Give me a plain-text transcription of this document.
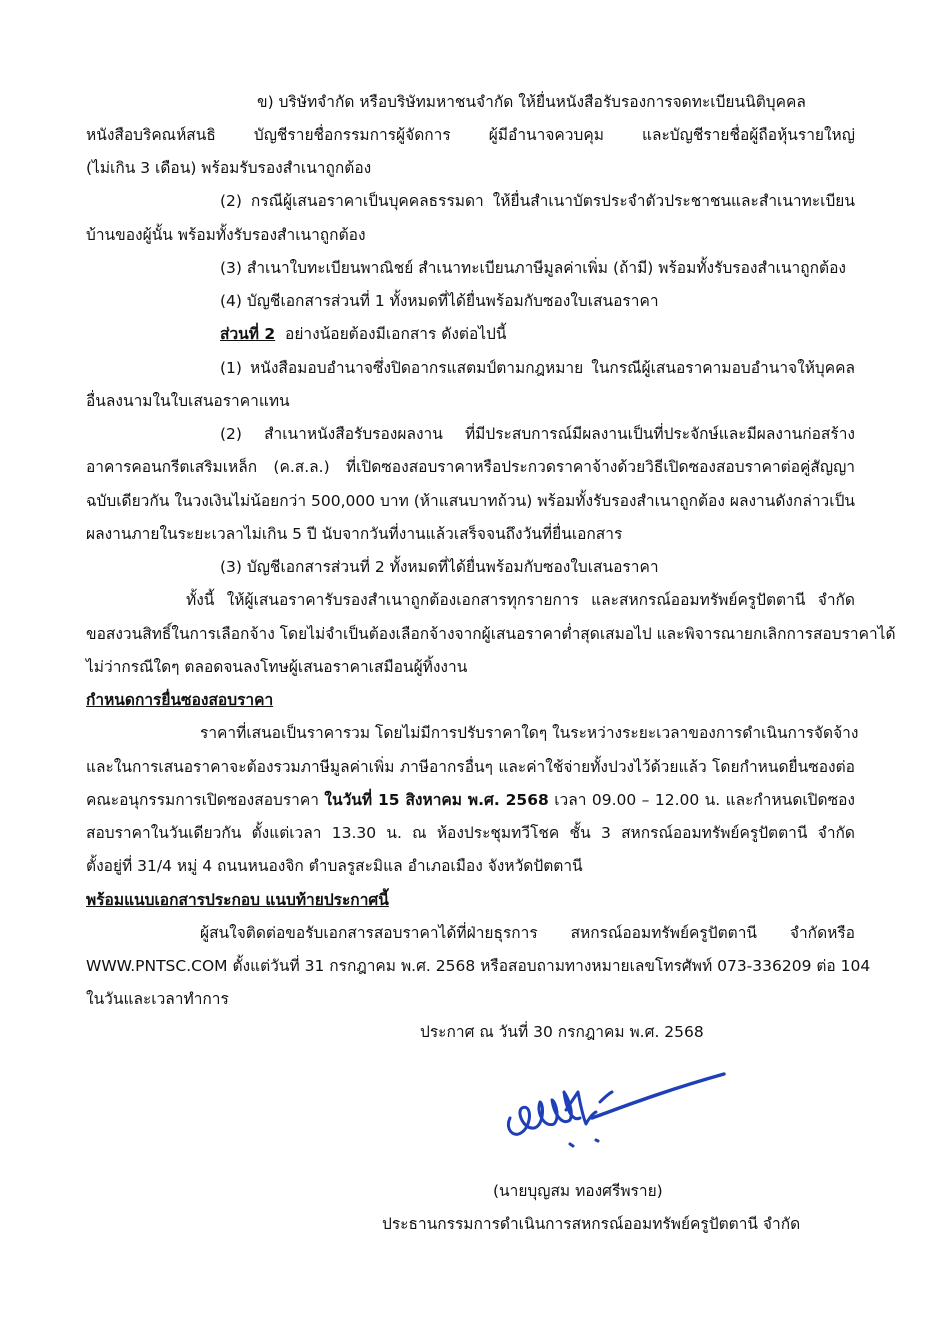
ข) บริษัทจำกัด หรือบริษัทมหาชนจำกัด ให้ยื่นหนังสือรับรองการจดทะเบียนนิติบุคคล
หนังสือบริคณห์สนธิ บัญชีรายชื่อกรรมการผู้จัดการ ผู้มีอำนาจควบคุม และบัญชีรายชื่อผู้ถือหุ้นรายใหญ่
(ไม่เกิน 3 เดือน) พร้อมรับรองสำเนาถูกต้อง
(2) กรณีผู้เสนอราคาเป็นบุคคลธรรมดา ให้ยื่นสำเนาบัตรประจำตัวประชาชนและสำเนาทะเบียน
บ้านของผู้นั้น พร้อมทั้งรับรองสำเนาถูกต้อง
(3) สำเนาใบทะเบียนพาณิชย์ สำเนาทะเบียนภาษีมูลค่าเพิ่ม (ถ้ามี) พร้อมทั้งรับรองสำเนาถูกต้อง
(4) บัญชีเอกสารส่วนที่ 1 ทั้งหมดที่ได้ยื่นพร้อมกับซองใบเสนอราคา
ส่วนที่ 2 อย่างน้อยต้องมีเอกสาร ดังต่อไปนี้
(1) หนังสือมอบอำนาจซึ่งปิดอากรแสตมป์ตามกฎหมาย ในกรณีผู้เสนอราคามอบอำนาจให้บุคคล
อื่นลงนามในใบเสนอราคาแทน
(2) สำเนาหนังสือรับรองผลงาน ที่มีประสบการณ์มีผลงานเป็นที่ประจักษ์และมีผลงานก่อสร้าง
อาคารคอนกรีตเสริมเหล็ก (ค.ส.ล.) ที่เปิดซองสอบราคาหรือประกวดราคาจ้างด้วยวิธีเปิดซองสอบราคาต่อคู่สัญญา
ฉบับเดียวกัน ในวงเงินไม่น้อยกว่า 500,000 บาท (ห้าแสนบาทถ้วน) พร้อมทั้งรับรองสำเนาถูกต้อง ผลงานดังกล่าวเป็น
ผลงานภายในระยะเวลาไม่เกิน 5 ปี นับจากวันที่งานแล้วเสร็จจนถึงวันที่ยื่นเอกสาร
(3) บัญชีเอกสารส่วนที่ 2 ทั้งหมดที่ได้ยื่นพร้อมกับซองใบเสนอราคา
ทั้งนี้ ให้ผู้เสนอราคารับรองสำเนาถูกต้องเอกสารทุกรายการ และสหกรณ์ออมทรัพย์ครูปัตตานี จำกัด
ขอสงวนสิทธิ์ในการเลือกจ้าง โดยไม่จำเป็นต้องเลือกจ้างจากผู้เสนอราคาต่ำสุดเสมอไป และพิจารณายกเลิกการสอบราคาได้
ไม่ว่ากรณีใดๆ ตลอดจนลงโทษผู้เสนอราคาเสมือนผู้ทิ้งงาน
กำหนดการยื่นซองสอบราคา
ราคาที่เสนอเป็นราคารวม โดยไม่มีการปรับราคาใดๆ ในระหว่างระยะเวลาของการดำเนินการจัดจ้าง
และในการเสนอราคาจะต้องรวมภาษีมูลค่าเพิ่ม ภาษีอากรอื่นๆ และค่าใช้จ่ายทั้งปวงไว้ด้วยแล้ว โดยกำหนดยื่นซองต่อ
คณะอนุกรรมการเปิดซองสอบราคา ในวันที่ 15 สิงหาคม พ.ศ. 2568 เวลา 09.00 – 12.00 น. และกำหนดเปิดซอง
สอบราคาในวันเดียวกัน ตั้งแต่เวลา 13.30 น. ณ ห้องประชุมทวีโชค ชั้น 3 สหกรณ์ออมทรัพย์ครูปัตตานี จำกัด
ตั้งอยู่ที่ 31/4 หมู่ 4 ถนนหนองจิก ตำบลรูสะมิแล อำเภอเมือง จังหวัดปัตตานี
พร้อมแนบเอกสารประกอบ แนบท้ายประกาศนี้
ผู้สนใจติดต่อขอรับเอกสารสอบราคาได้ที่ฝ่ายธุรการ สหกรณ์ออมทรัพย์ครูปัตตานี จำกัดหรือ
WWW.PNTSC.COM ตั้งแต่วันที่ 31 กรกฎาคม พ.ศ. 2568 หรือสอบถามทางหมายเลขโทรศัพท์ 073-336209 ต่อ 104
ในวันและเวลาทำการ
ประกาศ ณ วันที่ 30 กรกฎาคม พ.ศ. 2568
(นายบุญสม ทองศรีพราย)
ประธานกรรมการดำเนินการสหกรณ์ออมทรัพย์ครูปัตตานี จำกัด
